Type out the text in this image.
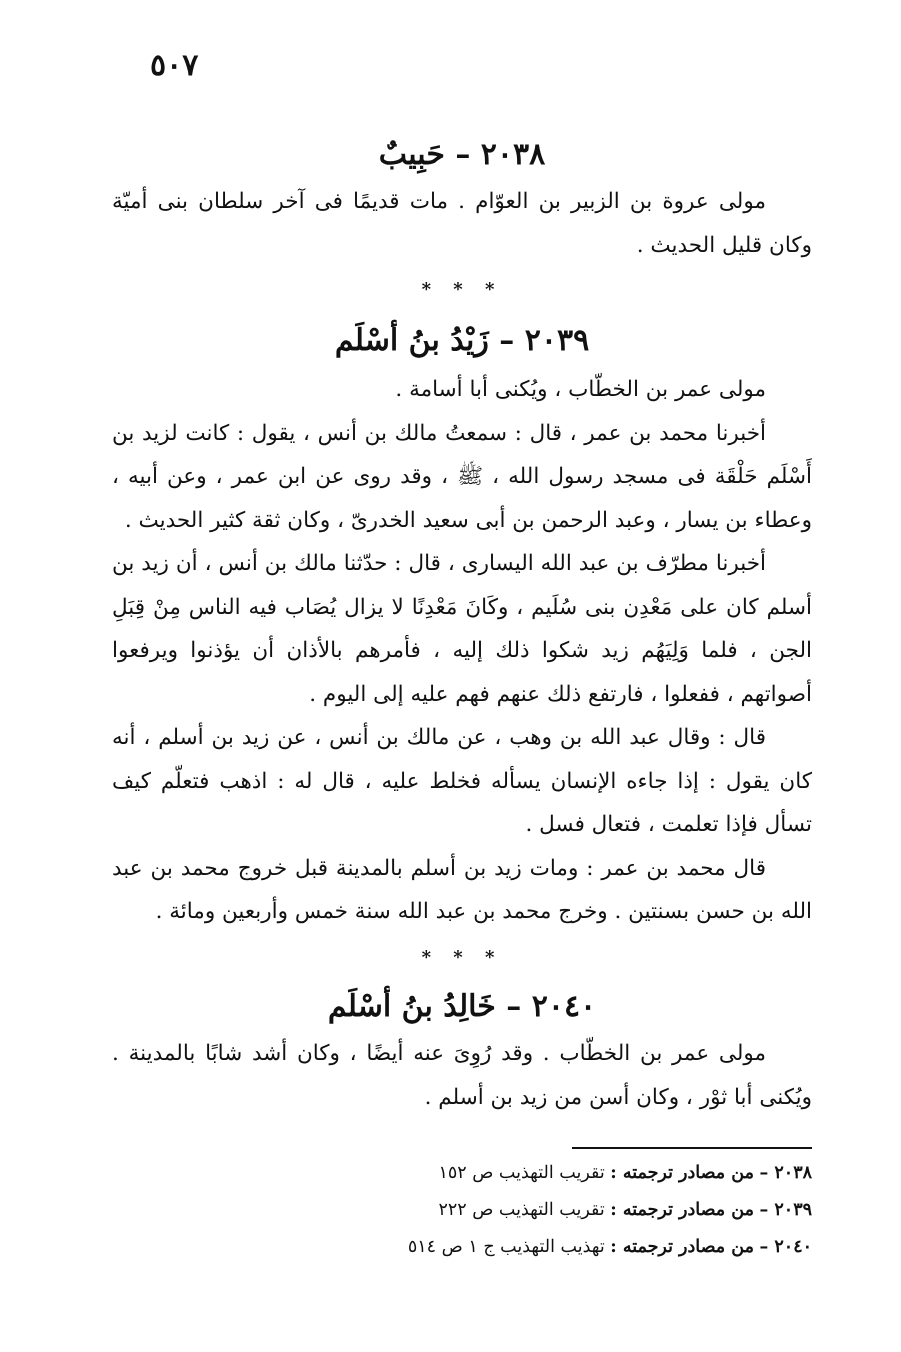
٥٠٧
٢٠٣٨ – حَبِيبٌ

مولى عروة بن الزبير بن العوّام . مات قديمًا فى آخر سلطان بنى أميّة وكان قليل الحديث .

* * *
٢٠٣٩ – زَيْدُ بنُ أسْلَم

مولى عمر بن الخطّاب ، ويُكنى أبا أسامة .

أخبرنا محمد بن عمر ، قال : سمعتُ مالك بن أنس ، يقول : كانت لزيد بن أَسْلَم حَلْقَة فى مسجد رسول الله ، ﷺ ، وقد روى عن ابن عمر ، وعن أبيه ، وعطاء بن يسار ، وعبد الرحمن بن أبى سعيد الخدرىّ ، وكان ثقة كثير الحديث .

أخبرنا مطرّف بن عبد الله اليسارى ، قال : حدّثنا مالك بن أنس ، أن زيد بن أسلم كان على مَعْدِن بنى سُلَيم ، وكَانَ مَعْدِنًا لا يزال يُصَاب فيه الناس مِنْ قِبَلِ الجن ، فلما وَلِيَهُم زيد شكوا ذلك إليه ، فأمرهم بالأذان أن يؤذنوا ويرفعوا أصواتهم ، ففعلوا ، فارتفع ذلك عنهم فهم عليه إلى اليوم .

قال : وقال عبد الله بن وهب ، عن مالك بن أنس ، عن زيد بن أسلم ، أنه كان يقول : إذا جاءه الإنسان يسأله فخلط عليه ، قال له : اذهب فتعلّم كيف تسأل فإذا تعلمت ، فتعال فسل .

قال محمد بن عمر : ومات زيد بن أسلم بالمدينة قبل خروج محمد بن عبد الله بن حسن بسنتين . وخرج محمد بن عبد الله سنة خمس وأربعين ومائة .

* * *
٢٠٤٠ – خَالِدُ بنُ أسْلَم

مولى عمر بن الخطّاب . وقد رُوِىَ عنه أيضًا ، وكان أشد شابًا بالمدينة . ويُكنى أبا ثوْر ، وكان أسن من زيد بن أسلم .

٢٠٣٨ – من مصادر ترجمته : تقريب التهذيب ص ١٥٢

٢٠٣٩ – من مصادر ترجمته : تقريب التهذيب ص ٢٢٢

٢٠٤٠ – من مصادر ترجمته : تهذيب التهذيب ج ١ ص ٥١٤
